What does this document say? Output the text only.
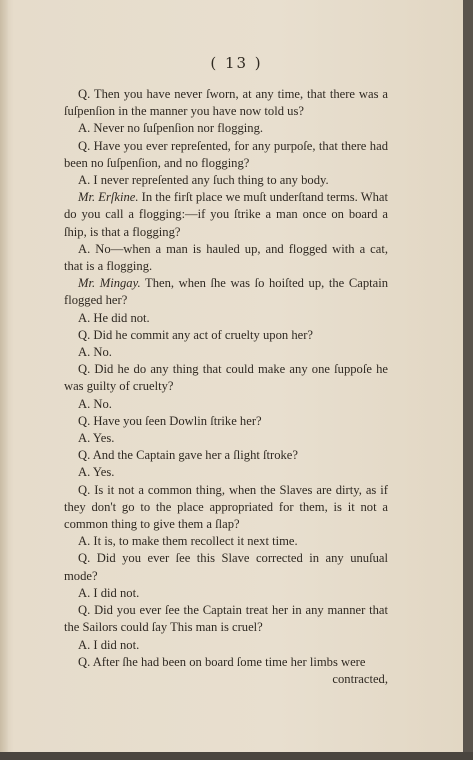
( 13 )

Q. Then you have never ſworn, at any time, that there was a ſuſpenſion in the manner you have now told us?

A. Never no ſuſpenſion nor flogging.

Q. Have you ever repreſented, for any purpoſe, that there had been no ſuſpenſion, and no flogging?

A. I never repreſented any ſuch thing to any body.

Mr. Erſkine. In the firſt place we muſt underſtand terms. What do you call a flogging:—if you ſtrike a man once on board a ſhip, is that a flogging?

A. No—when a man is hauled up, and flogged with a cat, that is a flogging.

Mr. Mingay. Then, when ſhe was ſo hoiſted up, the Captain flogged her?

A. He did not.

Q. Did he commit any act of cruelty upon her?

A. No.

Q. Did he do any thing that could make any one ſuppoſe he was guilty of cruelty?

A. No.

Q. Have you ſeen Dowlin ſtrike her?

A. Yes.

Q. And the Captain gave her a ſlight ſtroke?

A. Yes.

Q. Is it not a common thing, when the Slaves are dirty, as if they don't go to the place appropriated for them, is it not a common thing to give them a ſlap?

A. It is, to make them recollect it next time.

Q. Did you ever ſee this Slave corrected in any unuſual mode?

A. I did not.

Q. Did you ever ſee the Captain treat her in any manner that the Sailors could ſay This man is cruel?

A. I did not.

Q. After ſhe had been on board ſome time her limbs were

contracted,
